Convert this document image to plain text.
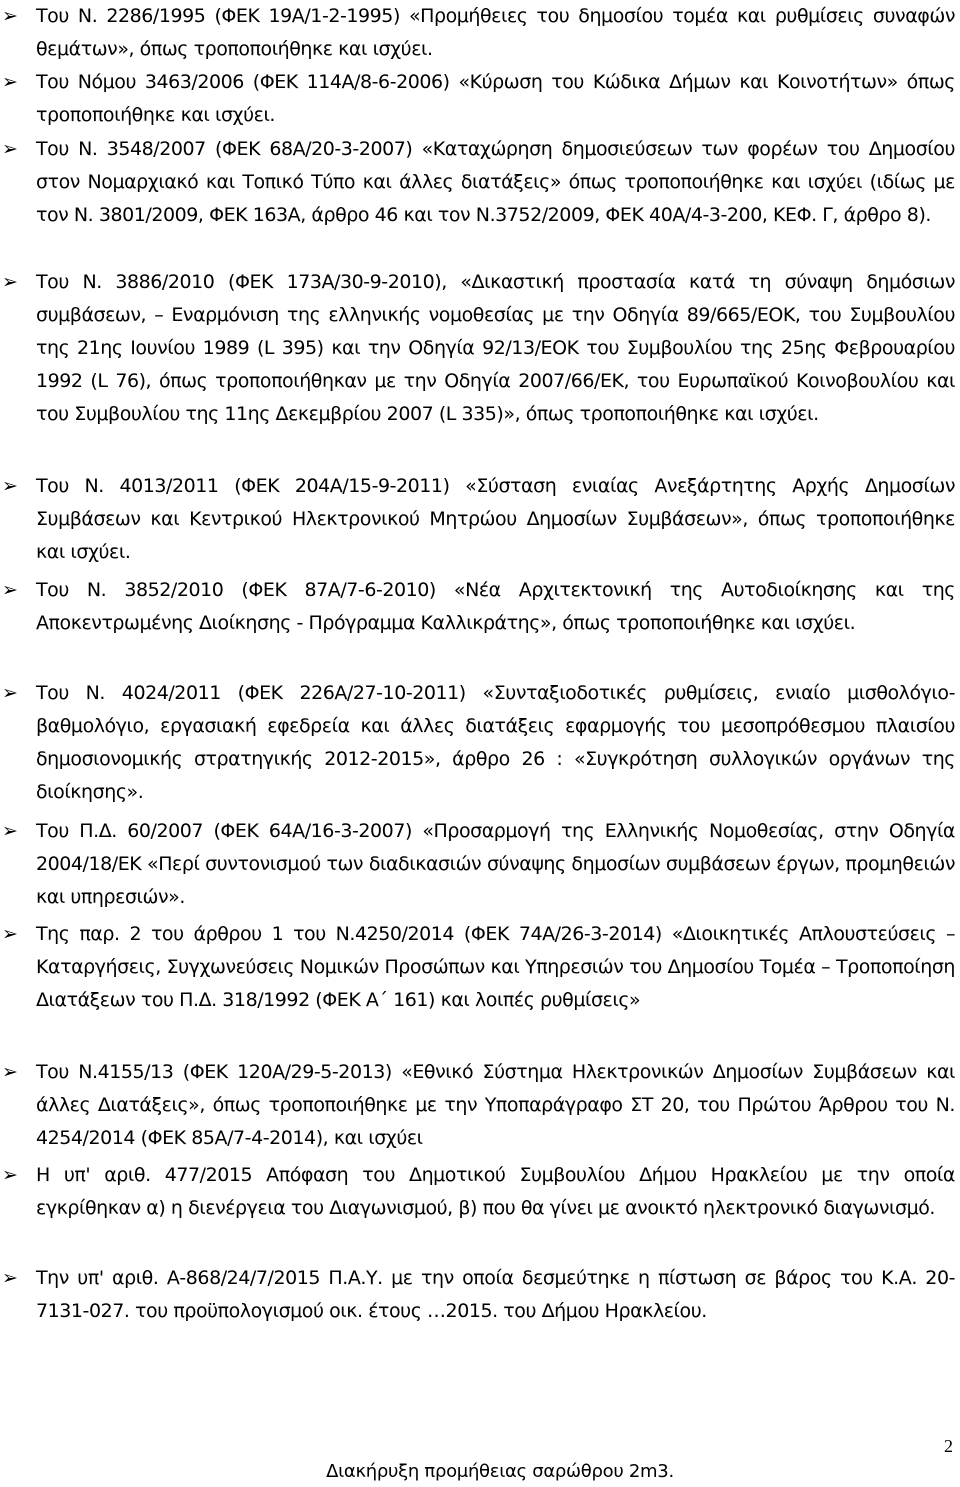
➢ Του Ν. 2286/1995 (ΦΕΚ 19Α/1-2-1995) «Προμήθειες του δημοσίου τομέα και ρυθμίσεις συναφών θεμάτων», όπως τροποποιήθηκε και ισχύει.
➢ Του Νόμου 3463/2006 (ΦΕΚ 114Α/8-6-2006) «Κύρωση του Κώδικα Δήμων και Κοινοτήτων» όπως τροποποιήθηκε και ισχύει.
➢ Του Ν. 3548/2007 (ΦΕΚ 68Α/20-3-2007) «Καταχώρηση δημοσιεύσεων των φορέων του Δημοσίου στον Νομαρχιακό και Τοπικό Τύπο και άλλες διατάξεις» όπως τροποποιήθηκε και ισχύει (ιδίως με τον Ν. 3801/2009, ΦΕΚ 163Α, άρθρο 46 και τον Ν.3752/2009, ΦΕΚ 40Α/4-3-200, ΚΕΦ. Γ, άρθρο 8).
➢ Του Ν. 3886/2010 (ΦΕΚ 173Α/30-9-2010), «Δικαστική προστασία κατά τη σύναψη δημόσιων συμβάσεων, – Εναρμόνιση της ελληνικής νομοθεσίας με την Οδηγία 89/665/ΕΟΚ, του Συμβουλίου της 21ης Ιουνίου 1989 (L 395) και την Οδηγία 92/13/ΕΟΚ του Συμβουλίου της 25ης Φεβρουαρίου 1992 (L 76), όπως τροποποιήθηκαν με την Οδηγία 2007/66/ΕΚ, του Ευρωπαϊκού Κοινοβουλίου και του Συμβουλίου της 11ης Δεκεμβρίου 2007 (L 335)», όπως τροποποιήθηκε και ισχύει.
➢ Του Ν. 4013/2011 (ΦΕΚ 204Α/15-9-2011) «Σύσταση ενιαίας Ανεξάρτητης Αρχής Δημοσίων Συμβάσεων και Κεντρικού Ηλεκτρονικού Μητρώου Δημοσίων Συμβάσεων», όπως τροποποιήθηκε και ισχύει.
➢ Του Ν. 3852/2010 (ΦΕΚ 87Α/7-6-2010) «Νέα Αρχιτεκτονική της Αυτοδιοίκησης και της Αποκεντρωμένης Διοίκησης - Πρόγραμμα Καλλικράτης», όπως τροποποιήθηκε και ισχύει.
➢ Του Ν. 4024/2011 (ΦΕΚ 226Α/27-10-2011) «Συνταξιοδοτικές ρυθμίσεις, ενιαίο μισθολόγιο-βαθμολόγιο, εργασιακή εφεδρεία και άλλες διατάξεις εφαρμογής του μεσοπρόθεσμου πλαισίου δημοσιονομικής στρατηγικής 2012-2015», άρθρο 26 : «Συγκρότηση συλλογικών οργάνων της διοίκησης».
➢ Του Π.Δ. 60/2007 (ΦΕΚ 64Α/16-3-2007) «Προσαρμογή της Ελληνικής Νομοθεσίας, στην Οδηγία 2004/18/ΕΚ «Περί συντονισμού των διαδικασιών σύναψης δημοσίων συμβάσεων έργων, προμηθειών και υπηρεσιών».
➢ Της παρ. 2 του άρθρου 1 του Ν.4250/2014 (ΦΕΚ 74Α/26-3-2014) «Διοικητικές Απλουστεύσεις – Καταργήσεις, Συγχωνεύσεις Νομικών Προσώπων και Υπηρεσιών του Δημοσίου Τομέα – Τροποποίηση Διατάξεων του Π.Δ. 318/1992 (ΦΕΚ Α΄ 161) και λοιπές ρυθμίσεις»
➢ Του Ν.4155/13 (ΦΕΚ 120Α/29-5-2013) «Εθνικό Σύστημα Ηλεκτρονικών Δημοσίων Συμβάσεων και άλλες Διατάξεις», όπως τροποποιήθηκε με την Υποπαράγραφο ΣΤ 20, του Πρώτου Άρθρου του Ν. 4254/2014 (ΦΕΚ 85Α/7-4-2014), και ισχύει
➢ Η υπ' αριθ. 477/2015 Απόφαση του Δημοτικού Συμβουλίου Δήμου Ηρακλείου με την οποία εγκρίθηκαν α) η διενέργεια του Διαγωνισμού, β) που θα γίνει με ανοικτό ηλεκτρονικό διαγωνισμό.
➢ Την υπ' αριθ. Α-868/24/7/2015 Π.Α.Υ. με την οποία δεσμεύτηκε η πίστωση σε βάρος του Κ.Α. 20-7131-027. του προϋπολογισμού οικ. έτους …2015. του Δήμου Ηρακλείου.
2
Διακήρυξη προμήθειας σαρώθρου 2m3.
